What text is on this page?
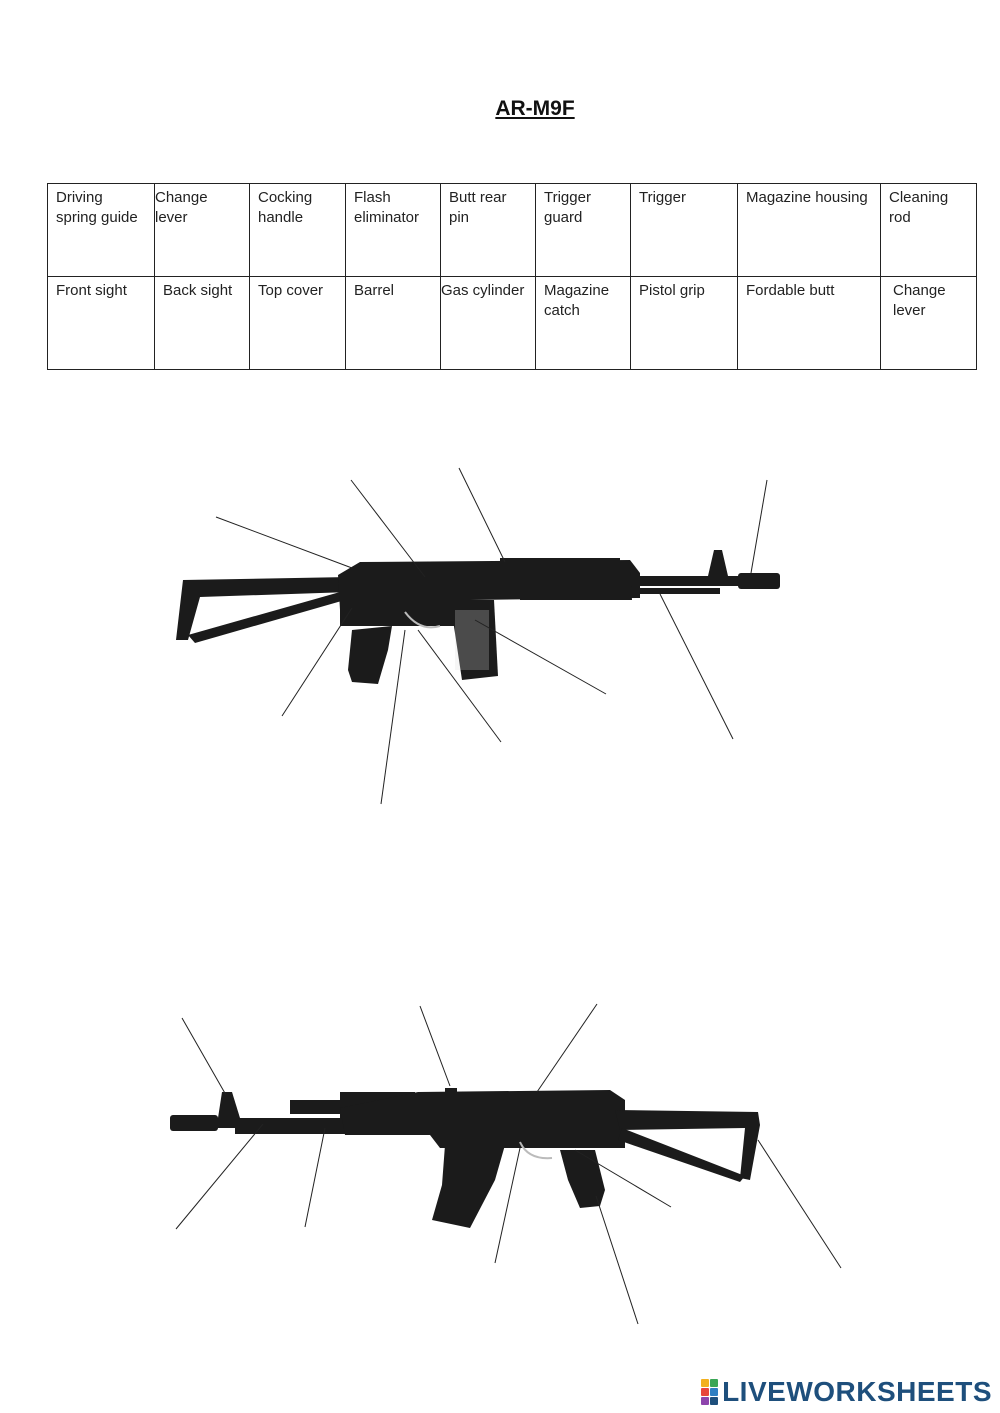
AR-M9F
Driving spring guide	Change lever	Cocking handle	Flash eliminator	Butt rear pin	Trigger guard	Trigger	Magazine housing	Cleaning rod
Front sight	Back sight	Top cover	Barrel	Gas cylinder	Magazine catch	Pistol grip	Fordable butt	Change lever
LIVEWORKSHEETS
